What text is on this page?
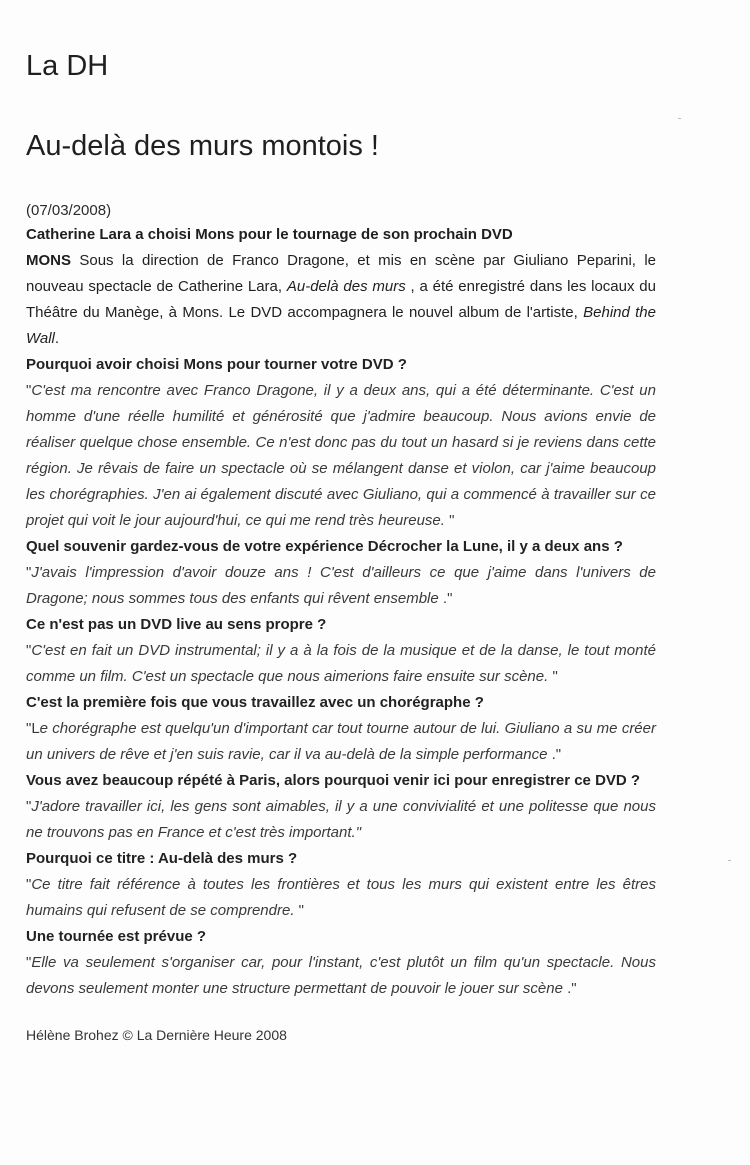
La DH
Au-delà des murs montois !
(07/03/2008)

Catherine Lara a choisi Mons pour le tournage de son prochain DVD

MONS Sous la direction de Franco Dragone, et mis en scène par Giuliano Peparini, le nouveau spectacle de Catherine Lara, Au-delà des murs , a été enregistré dans les locaux du Théâtre du Manège, à Mons. Le DVD accompagnera le nouvel album de l'artiste, Behind the Wall.

Pourquoi avoir choisi Mons pour tourner votre DVD ?

"C'est ma rencontre avec Franco Dragone, il y a deux ans, qui a été déterminante. C'est un homme d'une réelle humilité et générosité que j'admire beaucoup. Nous avions envie de réaliser quelque chose ensemble. Ce n'est donc pas du tout un hasard si je reviens dans cette région. Je rêvais de faire un spectacle où se mélangent danse et violon, car j'aime beaucoup les chorégraphies. J'en ai également discuté avec Giuliano, qui a commencé à travailler sur ce projet qui voit le jour aujourd'hui, ce qui me rend très heureuse. "

Quel souvenir gardez-vous de votre expérience Décrocher la Lune, il y a deux ans ?

"J'avais l'impression d'avoir douze ans ! C'est d'ailleurs ce que j'aime dans l'univers de Dragone; nous sommes tous des enfants qui rêvent ensemble ."

Ce n'est pas un DVD live au sens propre ?

"C'est en fait un DVD instrumental; il y a à la fois de la musique et de la danse, le tout monté comme un film. C'est un spectacle que nous aimerions faire ensuite sur scène. "

C'est la première fois que vous travaillez avec un chorégraphe ?

"Le chorégraphe est quelqu'un d'important car tout tourne autour de lui. Giuliano a su me créer un univers de rêve et j'en suis ravie, car il va au-delà de la simple performance ."

Vous avez beaucoup répété à Paris, alors pourquoi venir ici pour enregistrer ce DVD ?

"J'adore travailler ici, les gens sont aimables, il y a une convivialité et une politesse que nous ne trouvons pas en France et c'est très important."

Pourquoi ce titre : Au-delà des murs ?

"Ce titre fait référence à toutes les frontières et tous les murs qui existent entre les êtres humains qui refusent de se comprendre. "

Une tournée est prévue ?

"Elle va seulement s'organiser car, pour l'instant, c'est plutôt un film qu'un spectacle. Nous devons seulement monter une structure permettant de pouvoir le jouer sur scène ."

Hélène Brohez © La Dernière Heure 2008
